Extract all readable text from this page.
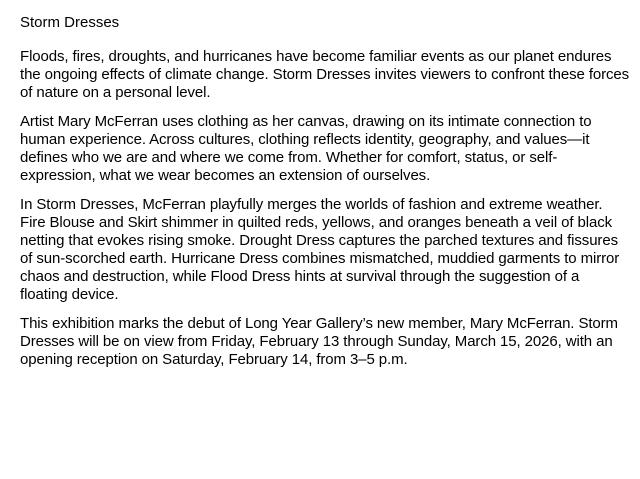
Storm Dresses

Floods, fires, droughts, and hurricanes have become familiar events as our planet endures the ongoing effects of climate change. Storm Dresses invites viewers to confront these forces of nature on a personal level.

Artist Mary McFerran uses clothing as her canvas, drawing on its intimate connection to human experience. Across cultures, clothing reflects identity, geography, and values—it defines who we are and where we come from. Whether for comfort, status, or self-expression, what we wear becomes an extension of ourselves.

In Storm Dresses, McFerran playfully merges the worlds of fashion and extreme weather. Fire Blouse and Skirt shimmer in quilted reds, yellows, and oranges beneath a veil of black netting that evokes rising smoke. Drought Dress captures the parched textures and fissures of sun-scorched earth. Hurricane Dress combines mismatched, muddied garments to mirror chaos and destruction, while Flood Dress hints at survival through the suggestion of a floating device.

This exhibition marks the debut of Long Year Gallery’s new member, Mary McFerran. Storm Dresses will be on view from Friday, February 13 through Sunday, March 15, 2026, with an opening reception on Saturday, February 14, from 3–5 p.m.
